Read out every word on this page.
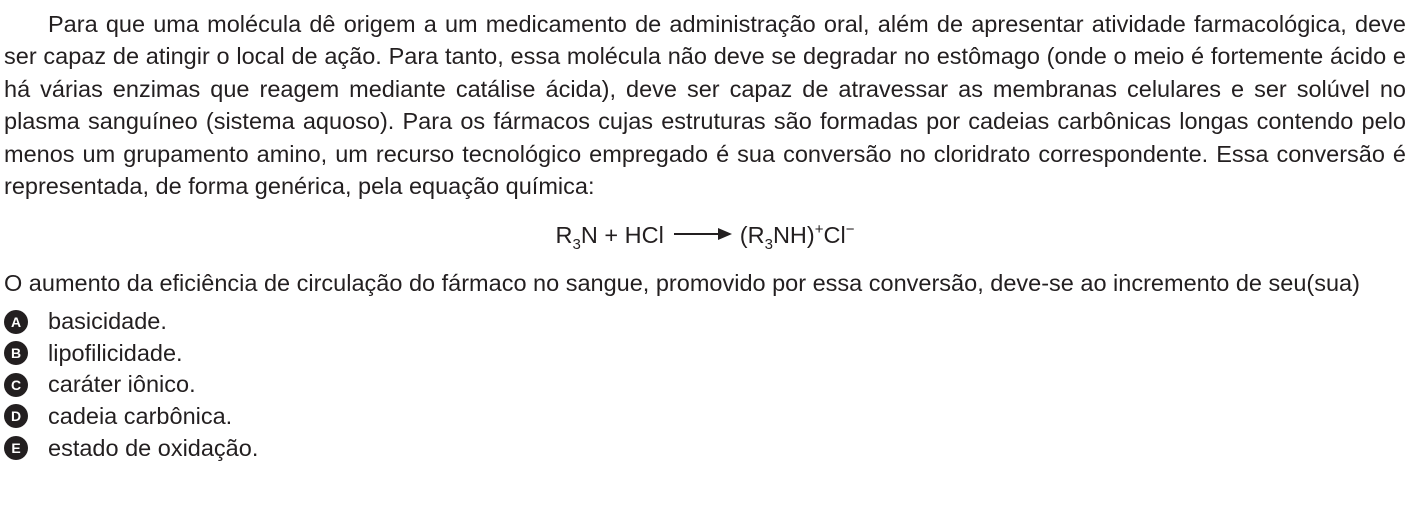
Para que uma molécula dê origem a um medicamento de administração oral, além de apresentar atividade farmacológica, deve ser capaz de atingir o local de ação. Para tanto, essa molécula não deve se degradar no estômago (onde o meio é fortemente ácido e há várias enzimas que reagem mediante catálise ácida), deve ser capaz de atravessar as membranas celulares e ser solúvel no plasma sanguíneo (sistema aquoso). Para os fármacos cujas estruturas são formadas por cadeias carbônicas longas contendo pelo menos um grupamento amino, um recurso tecnológico empregado é sua conversão no cloridrato correspondente. Essa conversão é representada, de forma genérica, pela equação química:

$R_3N$ + HCl	$(R_3NH)^+Cl^-$

O aumento da eficiência de circulação do fármaco no sangue, promovido por essa conversão, deve-se ao incremento de seu(sua)

A basicidade.
B lipofilicidade.
C caráter iônico.
D cadeia carbônica.
E	estado de oxidação.
